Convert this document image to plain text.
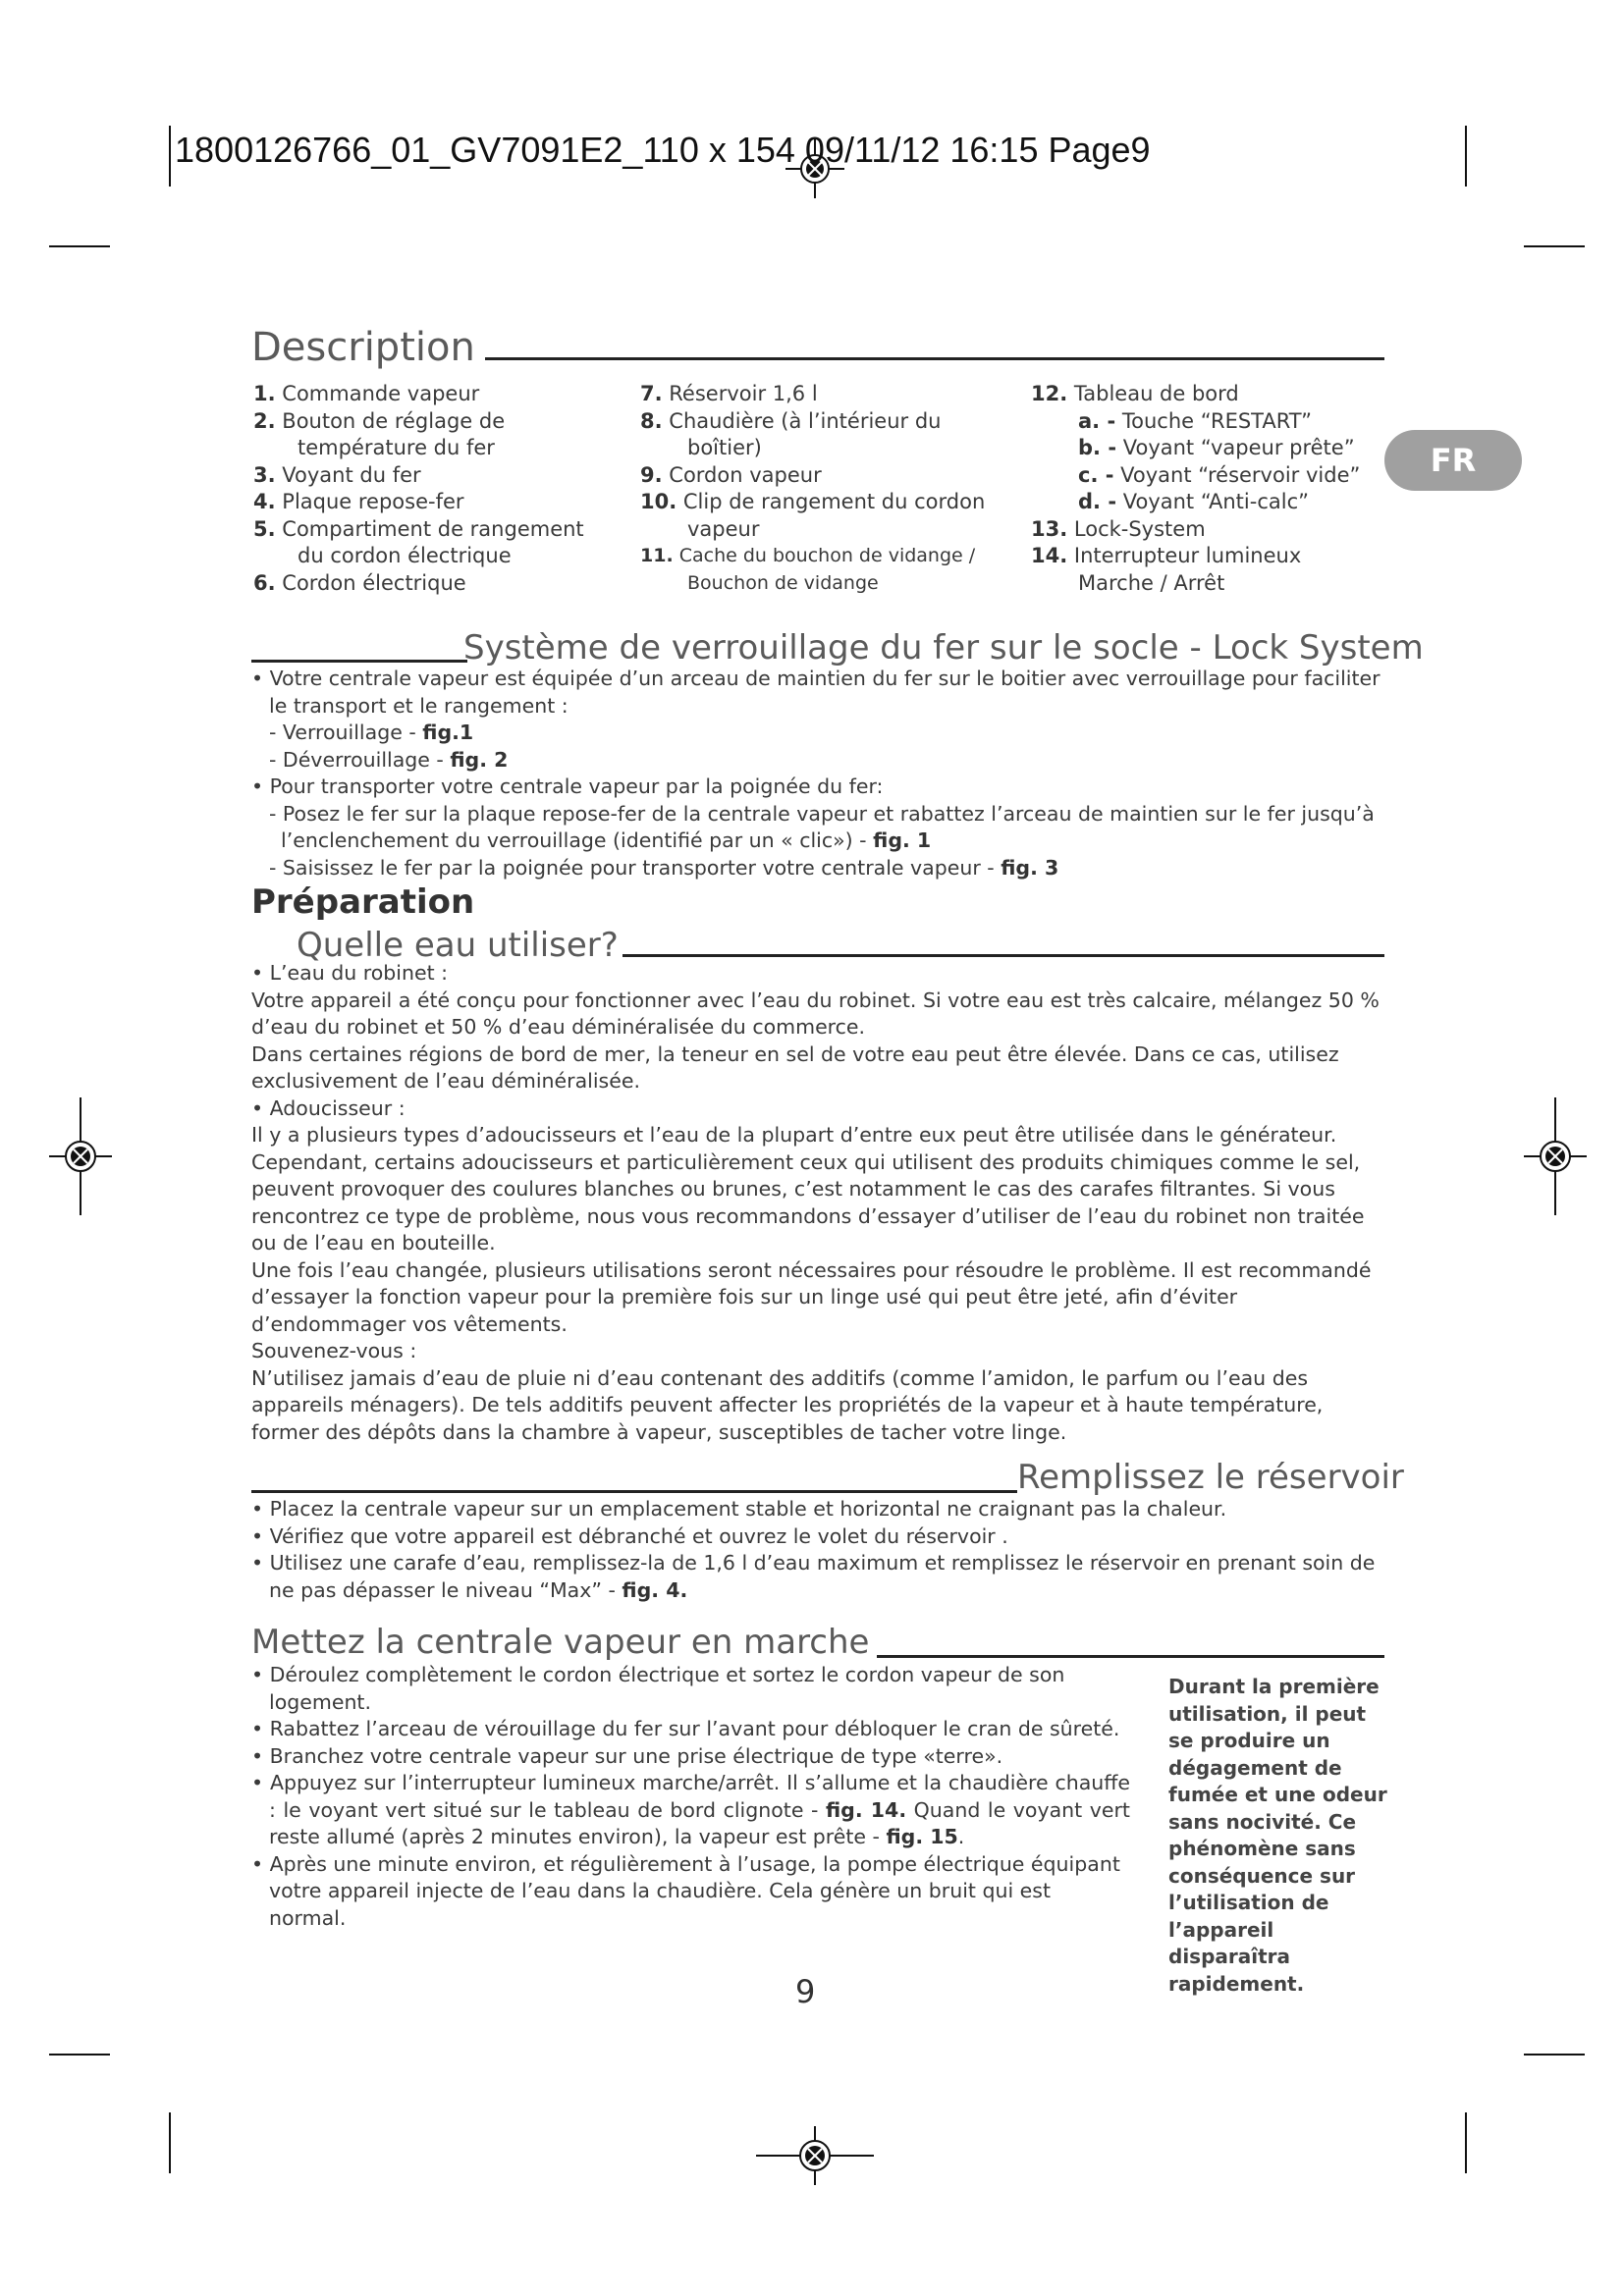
1800126766_01_GV7091E2_110 x 154 09/11/12 16:15 Page9
FR
Description
1. Commande vapeur
2. Bouton de réglage de
température du fer
3. Voyant du fer
4. Plaque repose-fer
5. Compartiment de rangement
du cordon électrique
6. Cordon électrique
7. Réservoir 1,6 l
8. Chaudière (à l’intérieur du
boîtier)
9. Cordon vapeur
10. Clip de rangement du cordon
vapeur
11. Cache du bouchon de vidange /
Bouchon de vidange
12. Tableau de bord
a. - Touche “RESTART”
b. - Voyant “vapeur prête”
c. - Voyant “réservoir vide”
d. - Voyant “Anti-calc”
13. Lock-System
14. Interrupteur lumineux
Marche / Arrêt
Système de verrouillage du fer sur le socle - Lock System

• Votre centrale vapeur est équipée d’un arceau de maintien du fer sur le boitier avec verrouillage pour faciliter le transport et le rangement :

- Verrouillage - fig.1

- Déverrouillage - fig. 2

• Pour transporter votre centrale vapeur par la poignée du fer:

- Posez le fer sur la plaque repose-fer de la centrale vapeur et rabattez l’arceau de maintien sur le fer jusqu’à l’enclenchement du verrouillage (identifié par un « clic») - fig. 1

- Saisissez le fer par la poignée pour transporter votre centrale vapeur - fig. 3

Préparation
Quelle eau utiliser?

• L’eau du robinet :

Votre appareil a été conçu pour fonctionner avec l’eau du robinet. Si votre eau est très calcaire, mélangez 50 % d’eau du robinet et 50 % d’eau déminéralisée du commerce.

Dans certaines régions de bord de mer, la teneur en sel de votre eau peut être élevée. Dans ce cas, utilisez exclusivement de l’eau déminéralisée.

• Adoucisseur :

Il y a plusieurs types d’adoucisseurs et l’eau de la plupart d’entre eux peut être utilisée dans le générateur. Cependant, certains adoucisseurs et particulièrement ceux qui utilisent des produits chimiques comme le sel, peuvent provoquer des coulures blanches ou brunes, c’est notamment le cas des carafes filtrantes. Si vous rencontrez ce type de problème, nous vous recommandons d’essayer d’utiliser de l’eau du robinet non traitée ou de l’eau en bouteille.

Une fois l’eau changée, plusieurs utilisations seront nécessaires pour résoudre le problème. Il est recommandé d’essayer la fonction vapeur pour la première fois sur un linge usé qui peut être jeté, afin d’éviter d’endommager vos vêtements.

Souvenez-vous :

N’utilisez jamais d’eau de pluie ni d’eau contenant des additifs (comme l’amidon, le parfum ou l’eau des appareils ménagers). De tels additifs peuvent affecter les propriétés de la vapeur et à haute température, former des dépôts dans la chambre à vapeur, susceptibles de tacher votre linge.

Remplissez le réservoir

• Placez la centrale vapeur sur un emplacement stable et horizontal ne craignant pas la chaleur.

• Vérifiez que votre appareil est débranché et ouvrez le volet du réservoir .

• Utilisez une carafe d’eau, remplissez-la de 1,6 l d’eau maximum et remplissez le réservoir en prenant soin de ne pas dépasser le niveau “Max” - fig. 4.

Mettez la centrale vapeur en marche

• Déroulez complètement le cordon électrique et sortez le cordon vapeur de son logement.

• Rabattez l’arceau de vérouillage du fer sur l’avant pour débloquer le cran de sûreté.

• Branchez votre centrale vapeur sur une prise électrique de type «terre».

• Appuyez sur l’interrupteur lumineux marche/arrêt. Il s’allume et la chaudière chauffe : le voyant vert situé sur le tableau de bord clignote - fig. 14. Quand le voyant vert reste allumé (après 2 minutes environ), la vapeur est prête - fig. 15.

• Après une minute environ, et régulièrement à l’usage, la pompe électrique équipant votre appareil injecte de l’eau dans la chaudière. Cela génère un bruit qui est normal.

Durant la première utilisation, il peut se produire un dégagement de fumée et une odeur sans nocivité. Ce phénomène sans conséquence sur l’utilisation de l’appareil disparaîtra rapidement.
9
